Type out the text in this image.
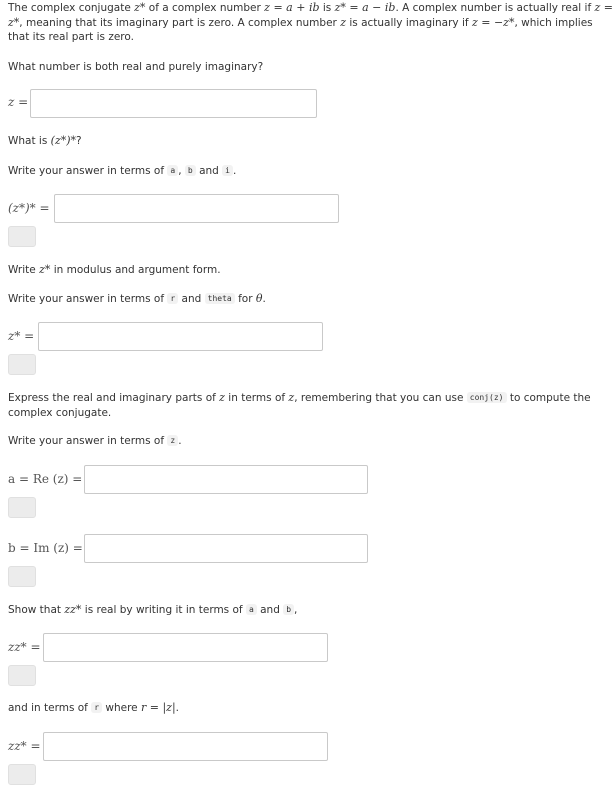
The complex conjugate z* of a complex number z = a + ib is z* = a − ib. A complex number is actually real if z = z*, meaning that its imaginary part is zero. A complex number z is actually imaginary if z = −z*, which implies that its real part is zero.
What number is both real and purely imaginary?
z =
What is (z*)*?
Write your answer in terms of a , b and i .
(z*)* =
Write z* in modulus and argument form.
Write your answer in terms of r and theta for θ.
z* =
Express the real and imaginary parts of z in terms of z, remembering that you can use conj(z) to compute the complex conjugate.
Write your answer in terms of z .
a = Re (z) =
b = Im (z) =
Show that zz* is real by writing it in terms of a and b ,
zz* =
and in terms of r where r = |z|.
zz* =
